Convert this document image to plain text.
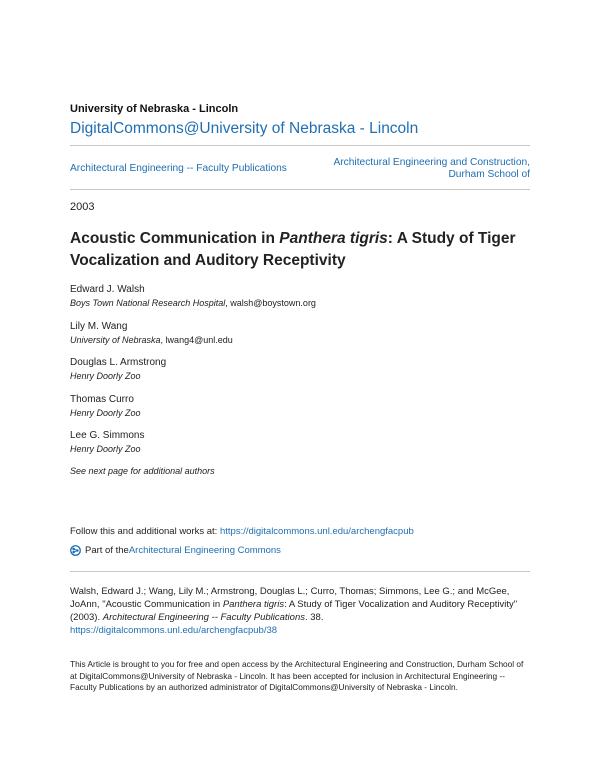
University of Nebraska - Lincoln
DigitalCommons@University of Nebraska - Lincoln
Architectural Engineering -- Faculty Publications
Architectural Engineering and Construction,
Durham School of
2003
Acoustic Communication in Panthera tigris: A Study of Tiger Vocalization and Auditory Receptivity
Edward J. Walsh
Boys Town National Research Hospital, walsh@boystown.org
Lily M. Wang
University of Nebraska, lwang4@unl.edu
Douglas L. Armstrong
Henry Doorly Zoo
Thomas Curro
Henry Doorly Zoo
Lee G. Simmons
Henry Doorly Zoo
See next page for additional authors
Follow this and additional works at: https://digitalcommons.unl.edu/archengfacpub
Part of the Architectural Engineering Commons
Walsh, Edward J.; Wang, Lily M.; Armstrong, Douglas L.; Curro, Thomas; Simmons, Lee G.; and McGee, JoAnn, "Acoustic Communication in Panthera tigris: A Study of Tiger Vocalization and Auditory Receptivity" (2003). Architectural Engineering -- Faculty Publications. 38.
https://digitalcommons.unl.edu/archengfacpub/38
This Article is brought to you for free and open access by the Architectural Engineering and Construction, Durham School of at DigitalCommons@University of Nebraska - Lincoln. It has been accepted for inclusion in Architectural Engineering -- Faculty Publications by an authorized administrator of DigitalCommons@University of Nebraska - Lincoln.
